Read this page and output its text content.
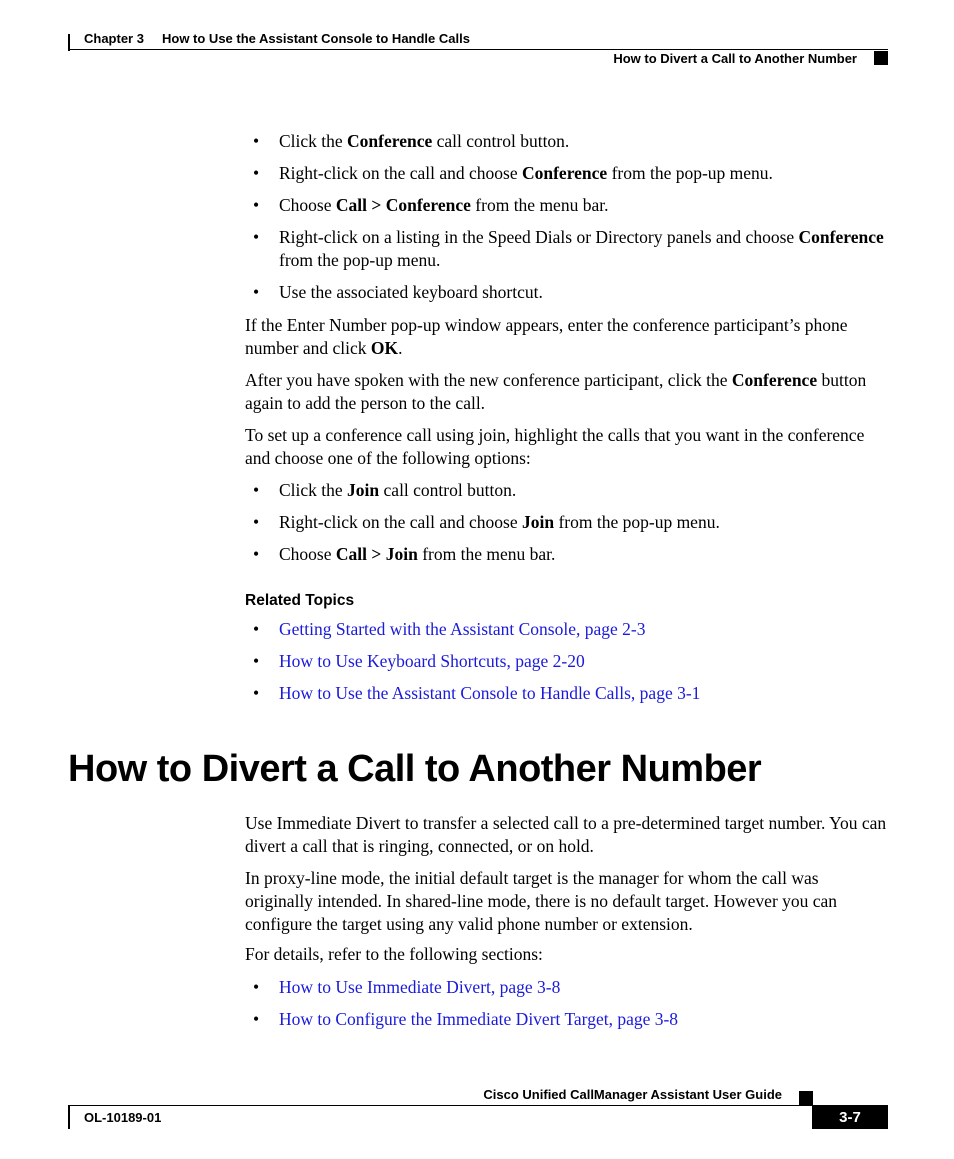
Chapter 3 How to Use the Assistant Console to Handle Calls
How to Divert a Call to Another Number
• Click the Conference call control button.
• Right-click on the call and choose Conference from the pop-up menu.
• Choose Call > Conference from the menu bar.
• Right-click on a listing in the Speed Dials or Directory panels and choose Conference from the pop-up menu.
• Use the associated keyboard shortcut.
If the Enter Number pop-up window appears, enter the conference participant’s phone number and click OK.
After you have spoken with the new conference participant, click the Conference button again to add the person to the call.
To set up a conference call using join, highlight the calls that you want in the conference and choose one of the following options:
• Click the Join call control button.
• Right-click on the call and choose Join from the pop-up menu.
• Choose Call > Join from the menu bar.
Related Topics
• Getting Started with the Assistant Console, page 2-3
• How to Use Keyboard Shortcuts, page 2-20
• How to Use the Assistant Console to Handle Calls, page 3-1
How to Divert a Call to Another Number
Use Immediate Divert to transfer a selected call to a pre-determined target number. You can divert a call that is ringing, connected, or on hold.
In proxy-line mode, the initial default target is the manager for whom the call was originally intended. In shared-line mode, there is no default target. However you can configure the target using any valid phone number or extension.
For details, refer to the following sections:
• How to Use Immediate Divert, page 3-8
• How to Configure the Immediate Divert Target, page 3-8
Cisco Unified CallManager Assistant User Guide
OL-10189-01	3-7
